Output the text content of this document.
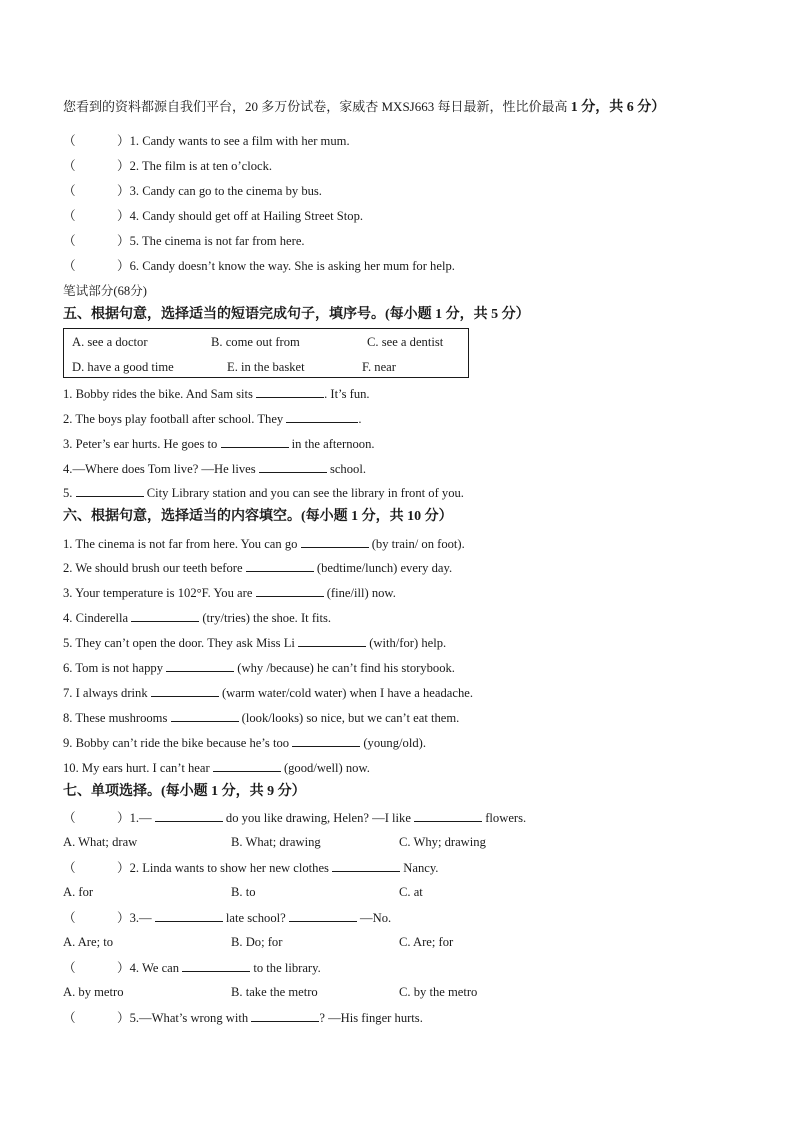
您看到的资料都源自我们平台，20 多万份试卷，家威杏 MXSJ663 每日最新，性比价最高 1 分，共 6 分）
（	）1. Candy wants to see a film with her mum.
（	）2. The film is at ten o’clock.
（	）3. Candy can go to the cinema by bus.
（	）4. Candy should get off at Hailing Street Stop.
（	）5. The cinema is not far from here.
（	）6. Candy doesn’t know the way. She is asking her mum for help.
笔试部分(68分)
五、根据句意，选择适当的短语完成句子，填序号。(每小题 1 分，共 5 分）
A. see a doctor	B. come out from	C. see a dentist
D. have a good time	E. in the basket	F. near
1. Bobby rides the bike. And Sam sits	. It’s fun.
2. The boys play football after school. They	.
3. Peter’s ear hurts. He goes to	in the afternoon.
4.—Where does Tom live? —He lives	school.
5.	City Library station and you can see the library in front of you.
六、根据句意，选择适当的内容填空。(每小题 1 分，共 10 分）
1. The cinema is not far from here. You can go	(by train/ on foot).
2. We should brush our teeth before	(bedtime/lunch) every day.
3. Your temperature is 102°F. You are	(fine/ill) now.
4. Cinderella	(try/tries) the shoe. It fits.
5. They can’t open the door. They ask Miss Li	(with/for) help.
6. Tom is not happy	(why /because) he can’t find his storybook.
7. I always drink	(warm water/cold water) when I have a headache.
8. These mushrooms	(look/looks) so nice, but we can’t eat them.
9. Bobby can’t ride the bike because he’s too	(young/old).
10. My ears hurt. I can’t hear	(good/well) now.
七、单项选择。(每小题 1 分，共 9 分）
（	）1.—	do you like drawing, Helen? —I like	flowers.
A. What; draw	B. What; drawing	C. Why; drawing
（	）2. Linda wants to show her new clothes	Nancy.
A. for	B. to	C. at
（	）3.—	late school?	—No.
A. Are; to	B. Do; for	C. Are; for
（	）4. We can	to the library.
A. by metro	B. take the metro	C. by the metro
（	）5.—What’s wrong with	? —His finger hurts.
